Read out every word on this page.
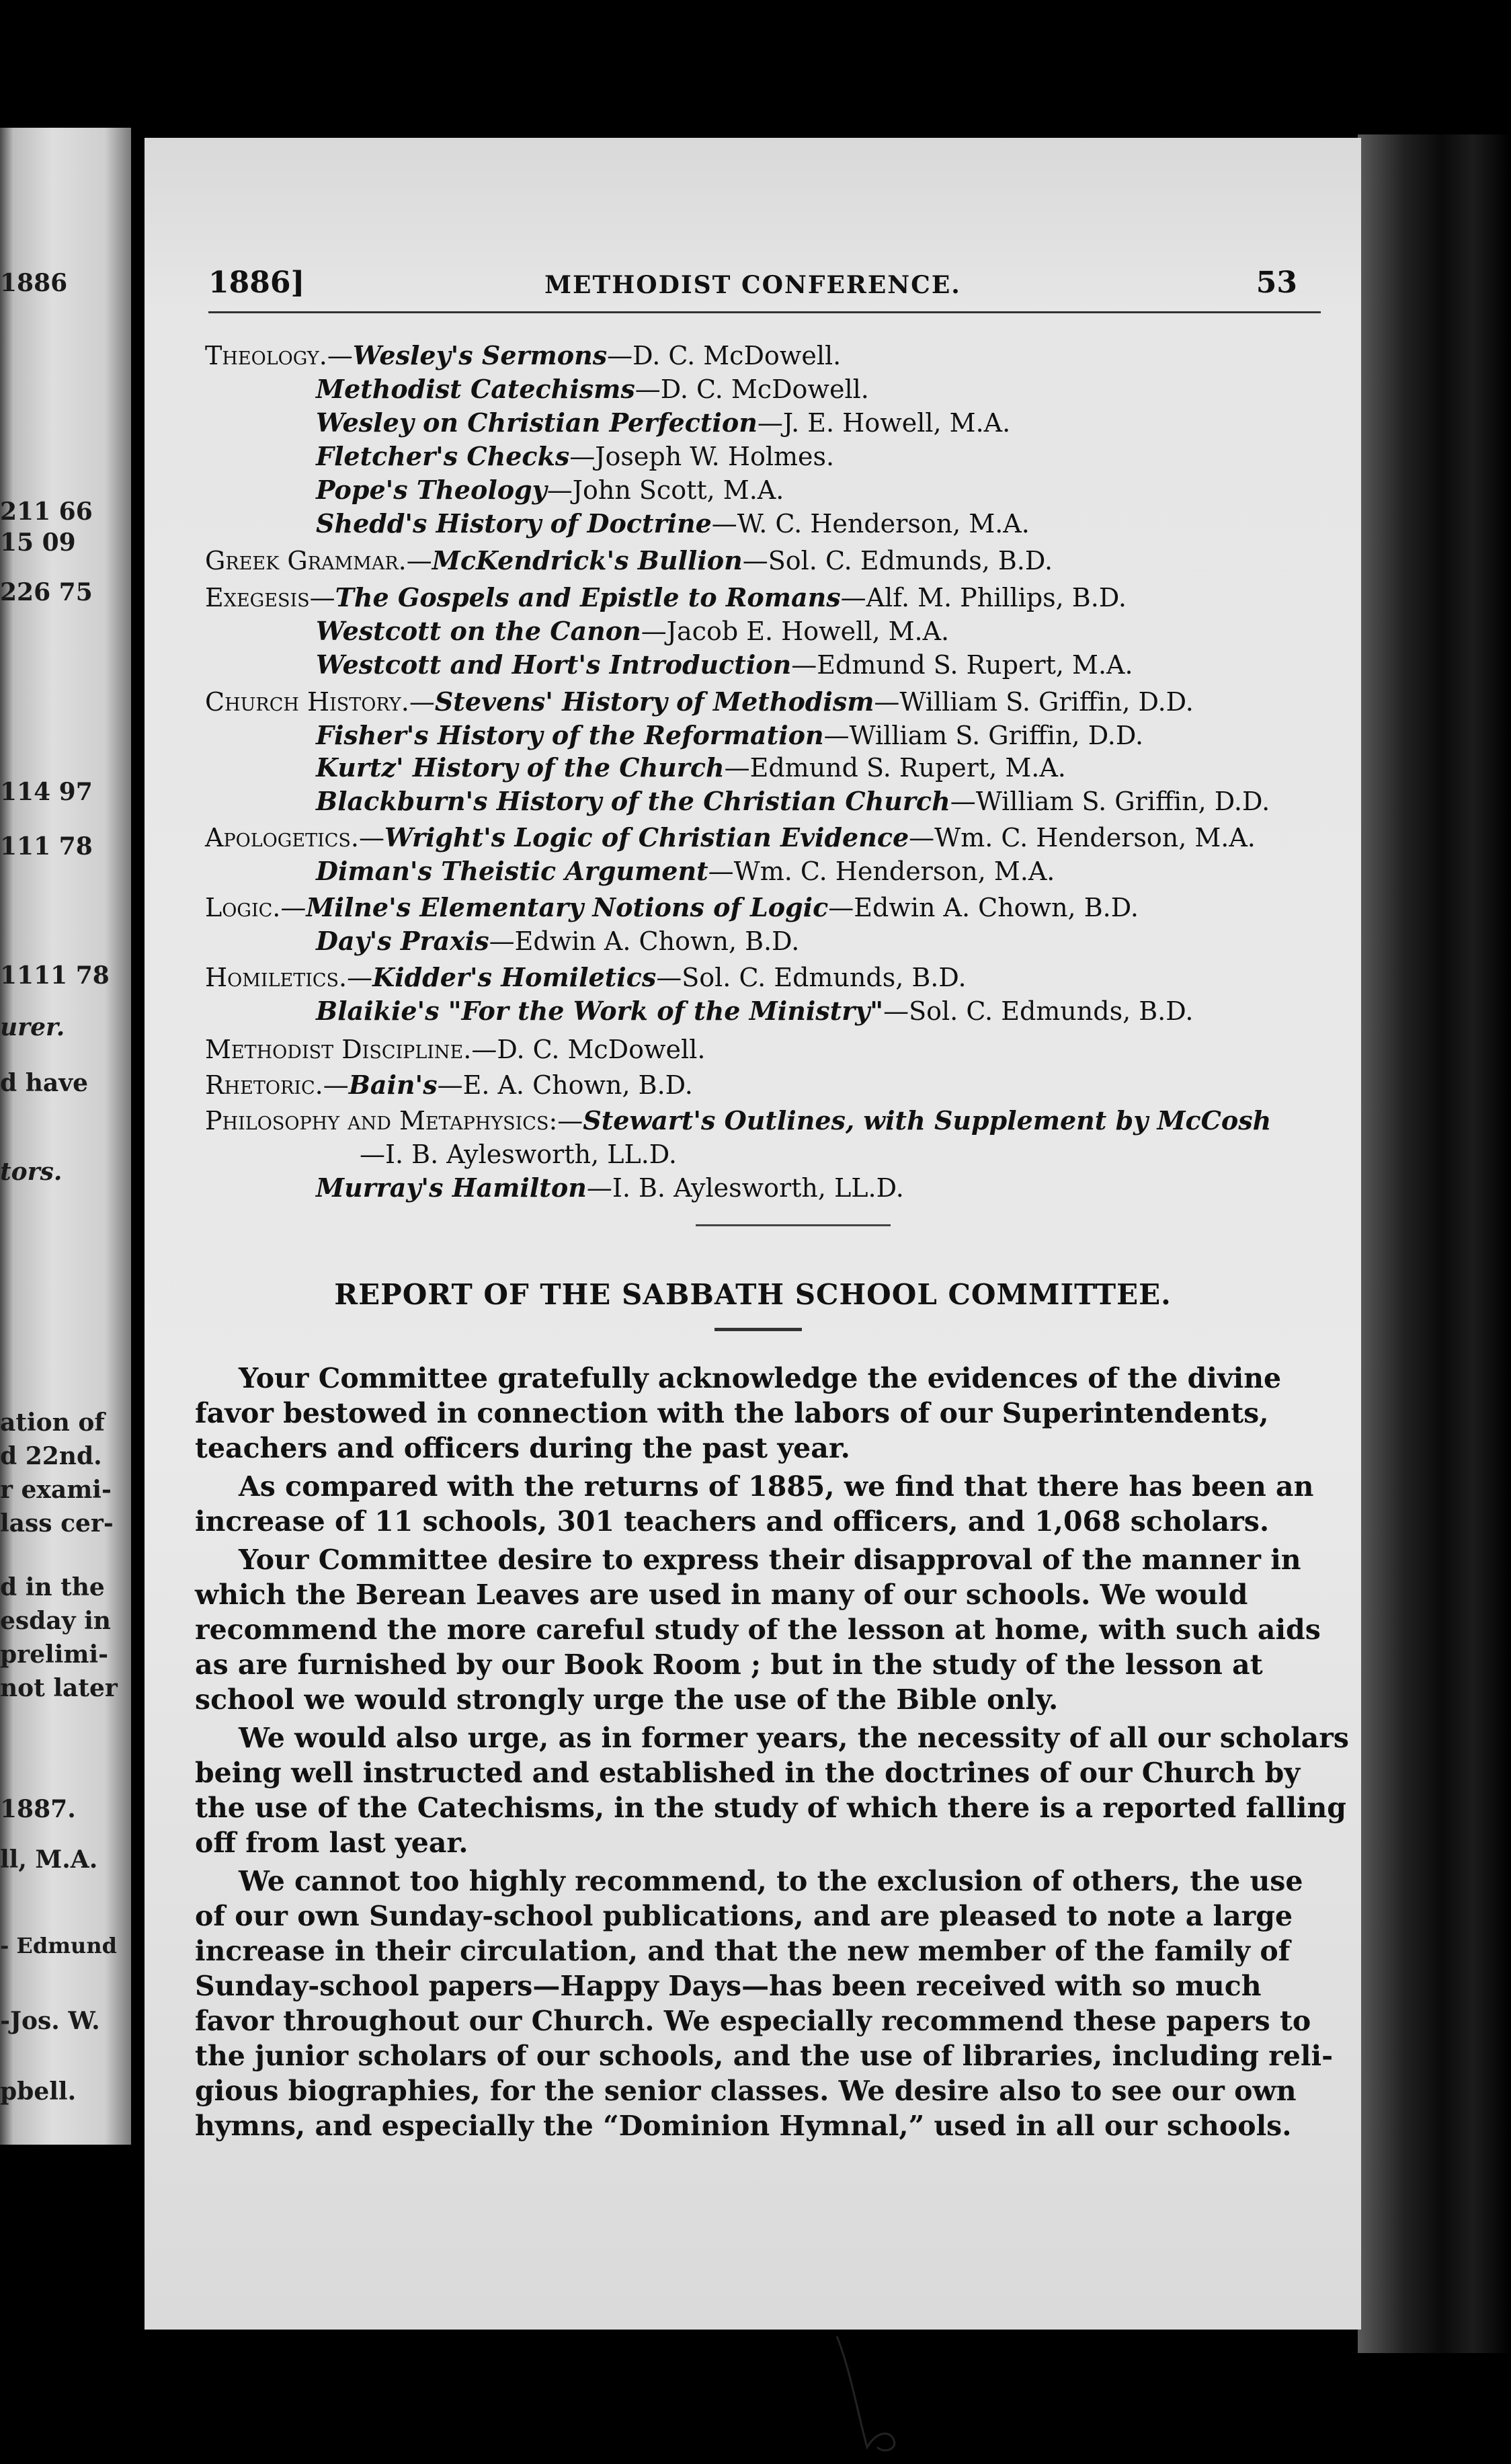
1886
211 66
15 09
226 75
114 97
111 78
1111 78
urer.
d have
tors.
ation of
d 22nd.
r exami-
lass cer-
d in the
esday in
prelimi-
not later
1887.
ll, M.A.
- Edmund
-Jos. W.
pbell.
1886]	METHODIST CONFERENCE.	53
Theology.—Wesley's Sermons—D. C. McDowell.
Methodist Catechisms—D. C. McDowell.
Wesley on Christian Perfection—J. E. Howell, M.A.
Fletcher's Checks—Joseph W. Holmes.
Pope's Theology—John Scott, M.A.
Shedd's History of Doctrine—W. C. Henderson, M.A.
Greek Grammar.—McKendrick's Bullion—Sol. C. Edmunds, B.D.
Exegesis—The Gospels and Epistle to Romans—Alf. M. Phillips, B.D.
Westcott on the Canon—Jacob E. Howell, M.A.
Westcott and Hort's Introduction—Edmund S. Rupert, M.A.
Church History.—Stevens' History of Methodism—William S. Griffin, D.D.
Fisher's History of the Reformation—William S. Griffin, D.D.
Kurtz' History of the Church—Edmund S. Rupert, M.A.
Blackburn's History of the Christian Church—William S. Griffin, D.D.
Apologetics.—Wright's Logic of Christian Evidence—Wm. C. Henderson, M.A.
Diman's Theistic Argument—Wm. C. Henderson, M.A.
Logic.—Milne's Elementary Notions of Logic—Edwin A. Chown, B.D.
Day's Praxis—Edwin A. Chown, B.D.
Homiletics.—Kidder's Homiletics—Sol. C. Edmunds, B.D.
Blaikie's "For the Work of the Ministry"—Sol. C. Edmunds, B.D.
Methodist Discipline.—D. C. McDowell.
Rhetoric.—Bain's—E. A. Chown, B.D.
Philosophy and Metaphysics:—Stewart's Outlines, with Supplement by McCosh
—I. B. Aylesworth, LL.D.
Murray's Hamilton—I. B. Aylesworth, LL.D.
REPORT OF THE SABBATH SCHOOL COMMITTEE.
Your Committee gratefully acknowledge the evidences of the divine
favor bestowed in connection with the labors of our Superintendents,
teachers and officers during the past year.
As compared with the returns of 1885, we find that there has been an
increase of 11 schools, 301 teachers and officers, and 1,068 scholars.
Your Committee desire to express their disapproval of the manner in
which the Berean Leaves are used in many of our schools. We would
recommend the more careful study of the lesson at home, with such aids
as are furnished by our Book Room ; but in the study of the lesson at
school we would strongly urge the use of the Bible only.
We would also urge, as in former years, the necessity of all our scholars
being well instructed and established in the doctrines of our Church by
the use of the Catechisms, in the study of which there is a reported falling
off from last year.
We cannot too highly recommend, to the exclusion of others, the use
of our own Sunday-school publications, and are pleased to note a large
increase in their circulation, and that the new member of the family of
Sunday-school papers—Happy Days—has been received with so much
favor throughout our Church. We especially recommend these papers to
the junior scholars of our schools, and the use of libraries, including reli-
gious biographies, for the senior classes. We desire also to see our own
hymns, and especially the “Dominion Hymnal,” used in all our schools.
